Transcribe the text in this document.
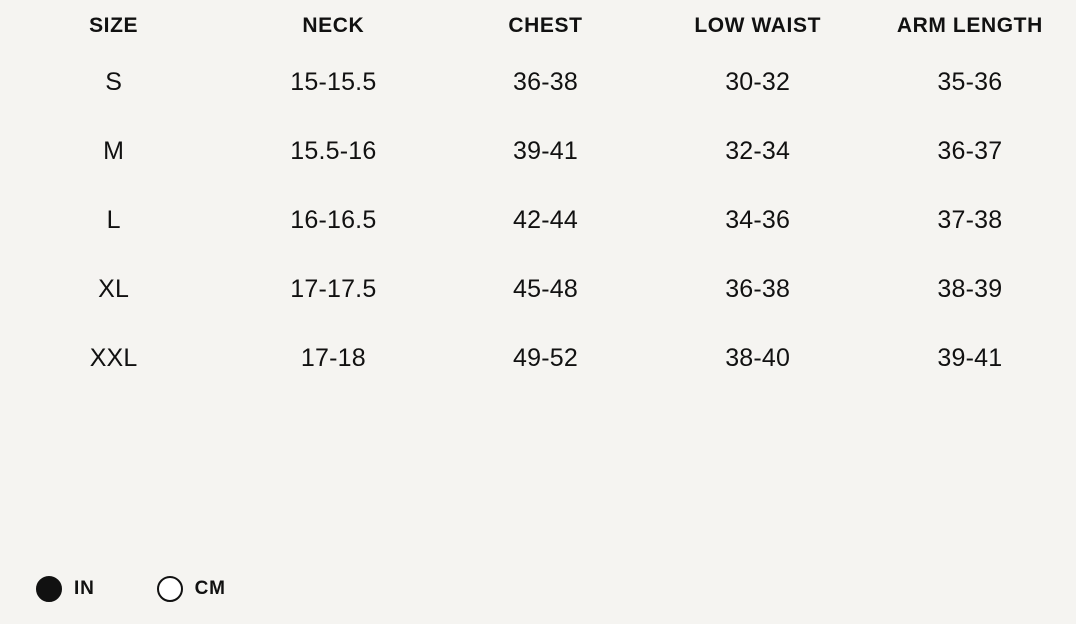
SIZE	NECK	CHEST	LOW WAIST	ARM LENGTH
S	15-15.5	36-38	30-32	35-36
M	15.5-16	39-41	32-34	36-37
L	16-16.5	42-44	34-36	37-38
XL	17-17.5	45-48	36-38	38-39
XXL	17-18	49-52	38-40	39-41
IN	CM
